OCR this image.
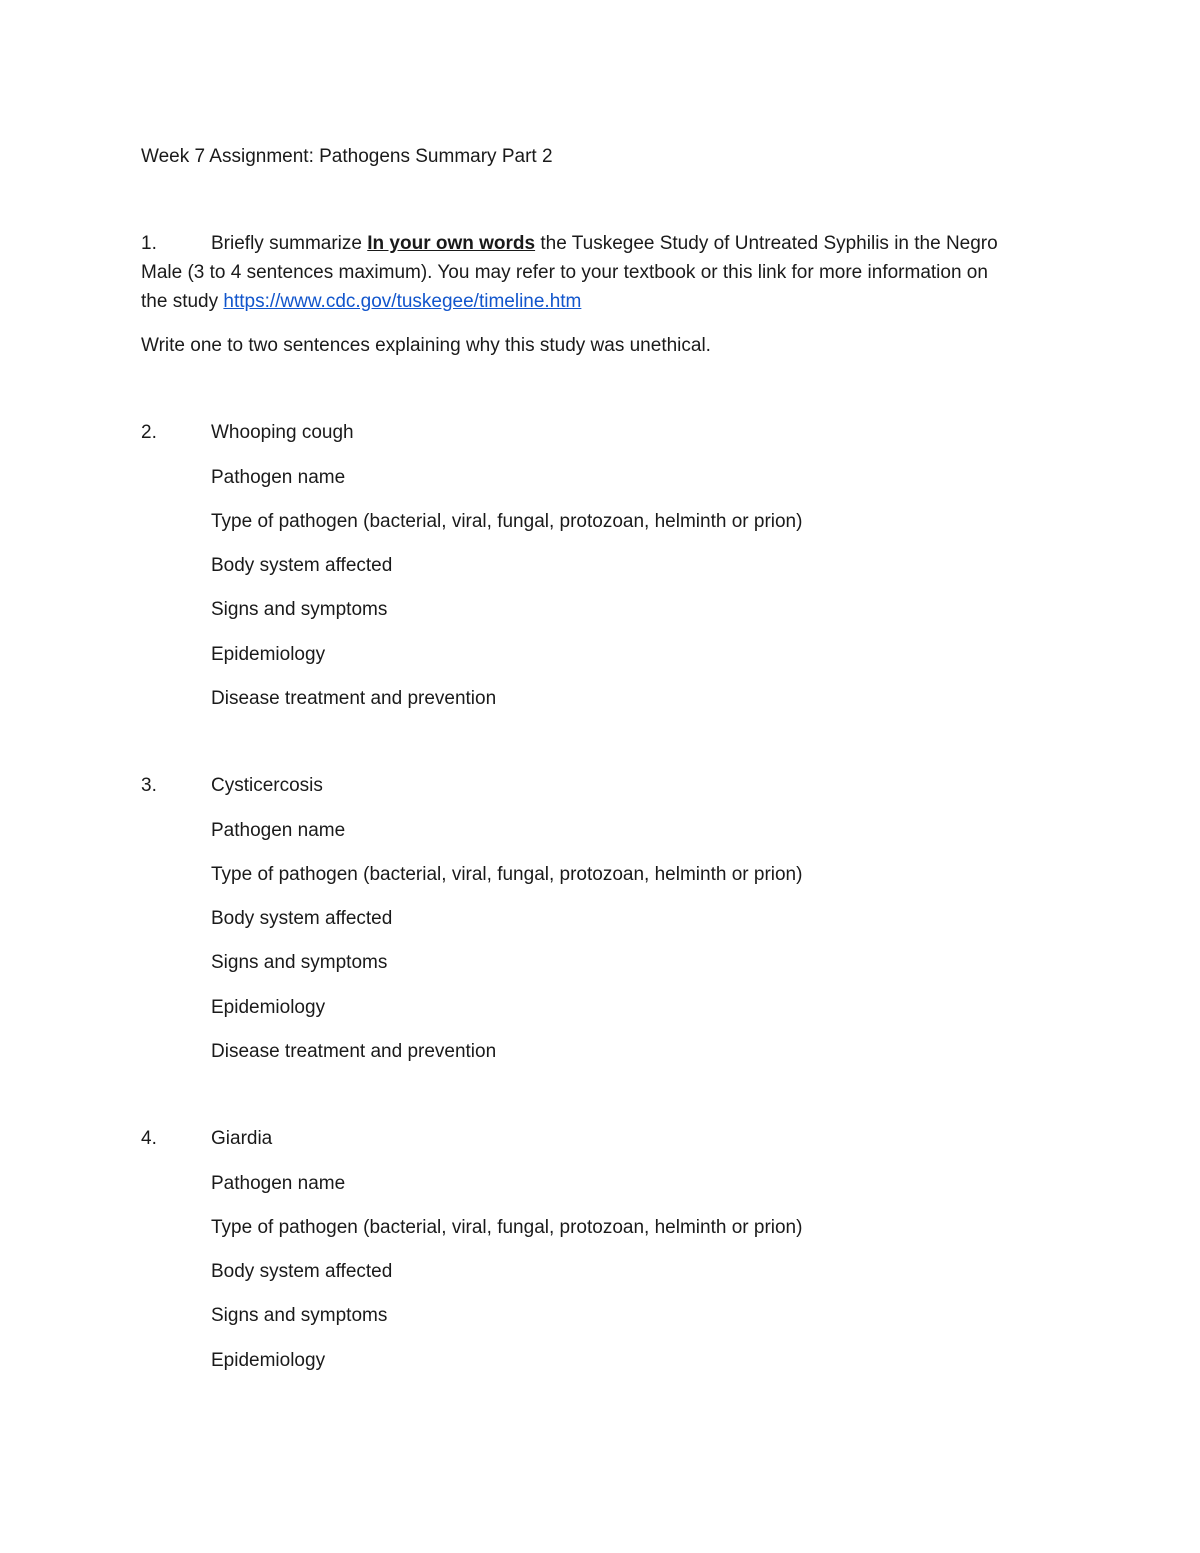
Week 7 Assignment: Pathogens Summary Part 2
1.	Briefly summarize In your own words the Tuskegee Study of Untreated Syphilis in the Negro
Male (3 to 4 sentences maximum). You may refer to your textbook or this link for more information on
the study https://www.cdc.gov/tuskegee/timeline.htm
Write one to two sentences explaining why this study was unethical.
2.	Whooping cough
Pathogen name
Type of pathogen (bacterial, viral, fungal, protozoan, helminth or prion)
Body system affected
Signs and symptoms
Epidemiology
Disease treatment and prevention
3.	Cysticercosis
Pathogen name
Type of pathogen (bacterial, viral, fungal, protozoan, helminth or prion)
Body system affected
Signs and symptoms
Epidemiology
Disease treatment and prevention
4.	Giardia
Pathogen name
Type of pathogen (bacterial, viral, fungal, protozoan, helminth or prion)
Body system affected
Signs and symptoms
Epidemiology
